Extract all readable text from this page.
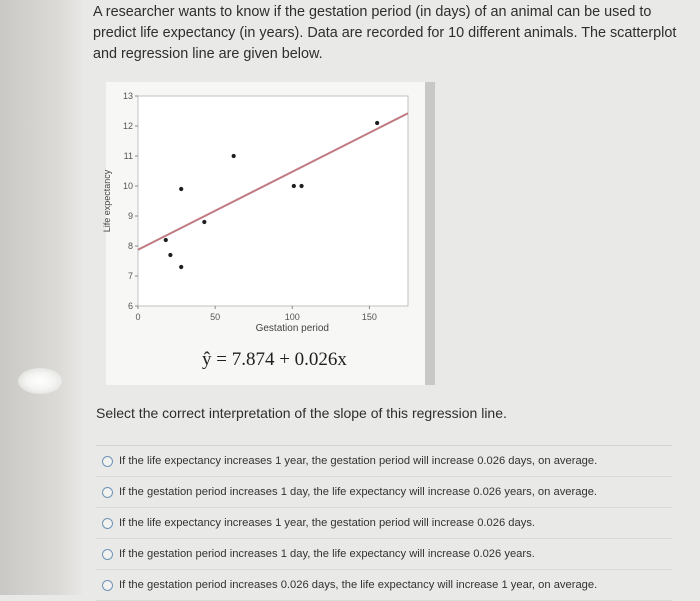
A researcher wants to know if the gestation period (in days) of an animal can be used to predict life expectancy (in years). Data are recorded for 10 different animals. The scatterplot and regression line are given below.
6
7
8
9
10
11
12
13
0	50	100	150
Gestation period
Life expectancy
ŷ = 7.874 + 0.026x
Select the correct interpretation of the slope of this regression line.
If the life expectancy increases 1 year, the gestation period will increase 0.026 days, on average.
If the gestation period increases 1 day, the life expectancy will increase 0.026 years, on average.
If the life expectancy increases 1 year, the gestation period will increase 0.026 days.
If the gestation period increases 1 day, the life expectancy will increase 0.026 years.
If the gestation period increases 0.026 days, the life expectancy will increase 1 year, on average.
